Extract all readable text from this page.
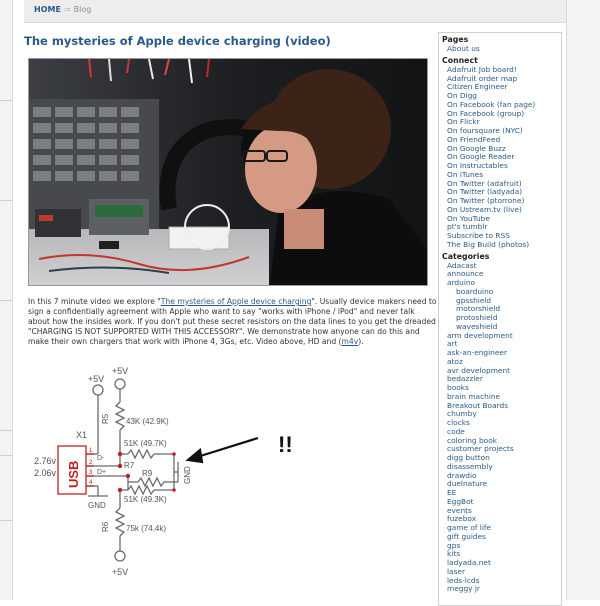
HOME ⇒ Blog
The mysteries of Apple device charging (video)
In this 7 minute video we explore "The mysteries of Apple device charging". Usually device makers need to sign a confidentially agreement with Apple who want to say "works with iPhone / iPod" and never talk about how the insides work. If you don't put these secret resistors on the data lines to you get the dreaded "CHARGING IS NOT SUPPORTED WITH THIS ACCESSORY". We demonstrate how anyone can do this and make their own chargers that work with iPhone 4, 3Gs, etc. Video above, HD and (m4v).
+5V
+5V
+5V
X1
2.76v
2.06v
D-
D+
GND
43K (42.9K)
51K (49.7K)
R7
R9
51K (49.3K)
75k (74.4k)
!!
1
2
3
4
R5
R6
GND
USB
Pages
About us
Connect
Adafruit Job board!
Adafruit order map
Citizen Engineer
On Digg
On Facebook (fan page)
On Facebook (group)
On Flickr
On foursquare (NYC)
On FriendFeed
On Google Buzz
On Google Reader
On Instructables
On iTunes
On Twitter (adafruit)
On Twitter (ladyada)
On Twitter (ptorrone)
On Ustream.tv (live)
On YouTube
pt's tumblr
Subscribe to RSS
The Big Build (photos)
Categories
Adacast
announce
arduino
boarduino
gpsshield
motorshield
protoshield
waveshield
arm development
art
ask-an-engineer
atoz
avr development
bedazzler
books
brain machine
Breakout Boards
chumby
clocks
code
coloring book
customer projects
digg button
disassembly
drawdio
duelnature
EE
EggBot
events
fuzebox
game of life
gift guides
gps
kits
ladyada.net
laser
leds-lcds
meggy jr
